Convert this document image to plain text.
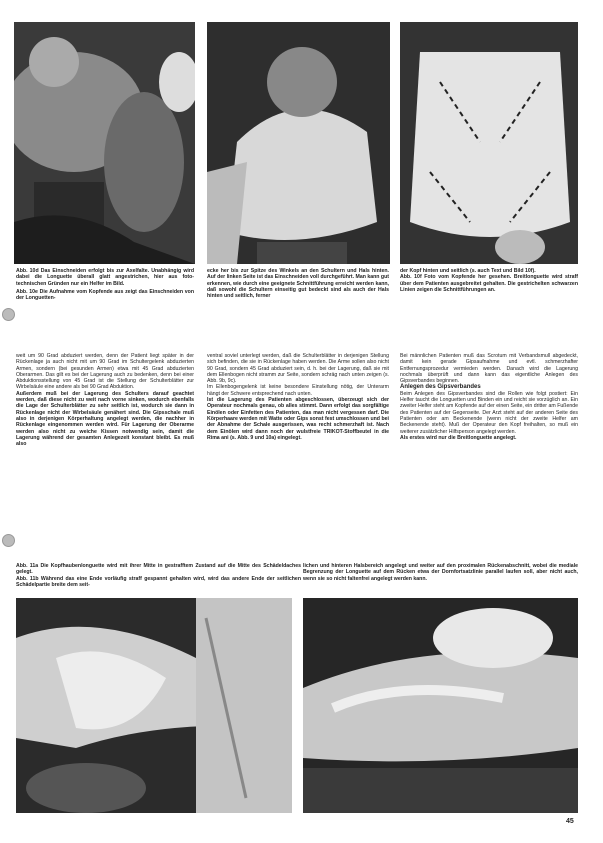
Abb. 10d Das Einschneiden erfolgt bis zur Axelfalte. Unabhängig wird dabei die Longuette überall glatt angestrichen, hier aus foto-technischen Gründen nur ein Helfer im Bild.

Abb. 10e Die Aufnahme vom Kopfende aus zeigt das Einschneiden von der Longuetten-

ecke her bis zur Spitze des Winkels an den Schultern und Hals hinten. Auf der linken Seite ist das Einschneiden voll durchgeführt. Man kann gut erkennen, wie durch eine geeignete Schnittführung erreicht werden kann, daß sowohl die Schultern einseitig gut bedeckt sind als auch der Hals hinten und seitlich, ferner

der Kopf hinten und seitlich (s. auch Text und Bild 10f).

Abb. 10f Foto vom Kopfende her gesehen. Breitlonguette wird straff über dem Patienten ausgebreitet gehalten. Die gestrichelten schwarzen Linien zeigen die Schnittführungen an.

weit um 90 Grad abduziert werden, denn der Patient liegt später in der Rückenlage ja auch nicht mit um 90 Grad im Schultergelenk abduzierten Armen, sondern (bei gesunden Armen) etwa mit 45 Grad abduzierten Oberarmen. Das gilt es bei der Lagerung auch zu bedenken, denn bei einer Abduktionsstellung von 45 Grad ist die Stellung der Schulterblätter zur Wirbelsäule eine andere als bei 90 Grad Abduktion.

Außerdem muß bei der Lagerung des Schulters darauf geachtet werden, daß diese nicht zu weit nach vorne sinken, wodurch ebenfalls die Lage der Schulterblätter zu sehr seitlich ist, wodurch sie dann in Rückenlage nicht der Wirbelsäule genähert sind. Die Gipsschale muß also in derjenigen Körperhaltung angelegt werden, die nachher in Rückenlage eingenommen werden wird. Für Lagerung der Oberarme werden also nicht zu weiche Kissen notwendig sein, damit die Lagerung während der gesamten Anlegezeit konstant bleibt. Es muß also

ventral soviel unterlegt werden, daß die Schulterblätter in derjenigen Stellung sich befinden, die sie in Rückenlage haben werden. Die Arme sollen also nicht 90 Grad, sondern 45 Grad abduziert sein, d. h. bei der Lagerung, daß sie mit dem Ellenbogen nicht stramm zur Seite, sondern schräg nach unten zeigen (s. Abb. 9b, 9c).

Im Ellenbogengelenk ist keine besondere Einstellung nötig, der Unterarm hängt der Schwere entsprechend nach unten.

Ist die Lagerung des Patienten abgeschlossen, überzeugt sich der Operateur nochmals genau, ob alles stimmt. Dann erfolgt das sorgfältige Einölen oder Einfetten des Patienten, das man nicht vergessen darf. Die Körperhaare werden mit Watte oder Gips sonst fest umschlossen und bei der Abnahme der Schale ausgerissen, was recht schmerzhaft ist. Nach dem Einölen wird dann noch der wulstfreie TRIKOT-Stoffbeutel in die Rima ani (s. Abb. 9 und 10a) eingelegt.

Bei männlichen Patienten muß das Scrotum mit Verbandsmull abgedeckt, damit kein gerade Gipsaufnahme und evtl. schmerzhafter Entfernungsprozedur vermieden werden. Danach wird die Lagerung nochmals überprüft und dann kann das eigentliche Anlegen des Gipsverbandes beginnen.

Anlegen des Gipsverbandes

Beim Anlegen des Gipsverbandes sind die Rollen wie folgt postiert: Ein Helfer taucht die Longuetten und Binden ein und reicht sie vorzüglich an. Ein zweiter Helfer steht am Kopfende auf der einen Seite, ein dritter am Fußende des Patienten auf der Gegenseite. Der Arzt steht auf der anderen Seite des Patienten oder am Beckenende (wenn nicht der zweite Helfer am Beckenende steht). Muß der Operateur den Kopf freihalten, so muß ein weiterer zusätzlicher Hilfsperson angelegt werden.

Als erstes wird nur die Breitlonguette angelegt.

Abb. 11a Die Kopfhaubenlonguette wird mit ihrer Mitte in gestrafftem Zustand auf die Mitte des Schädeldaches gelegt.

Abb. 11b Während das eine Ende vorläufig straff gespannt gehalten wird, wird das andere Ende der seitlichen Schädelpartie breite dem seit-

lichen und hinteren Halsbereich angelegt und weiter auf den proximalen Rückenabschnitt, wobei die mediale Begrenzung der Longuette auf dem Rücken etwa der Dornfortsatzlinie parallel laufen soll, aber nicht auch, wenn sie so nicht faltenfrei angelegt werden kann.

45
